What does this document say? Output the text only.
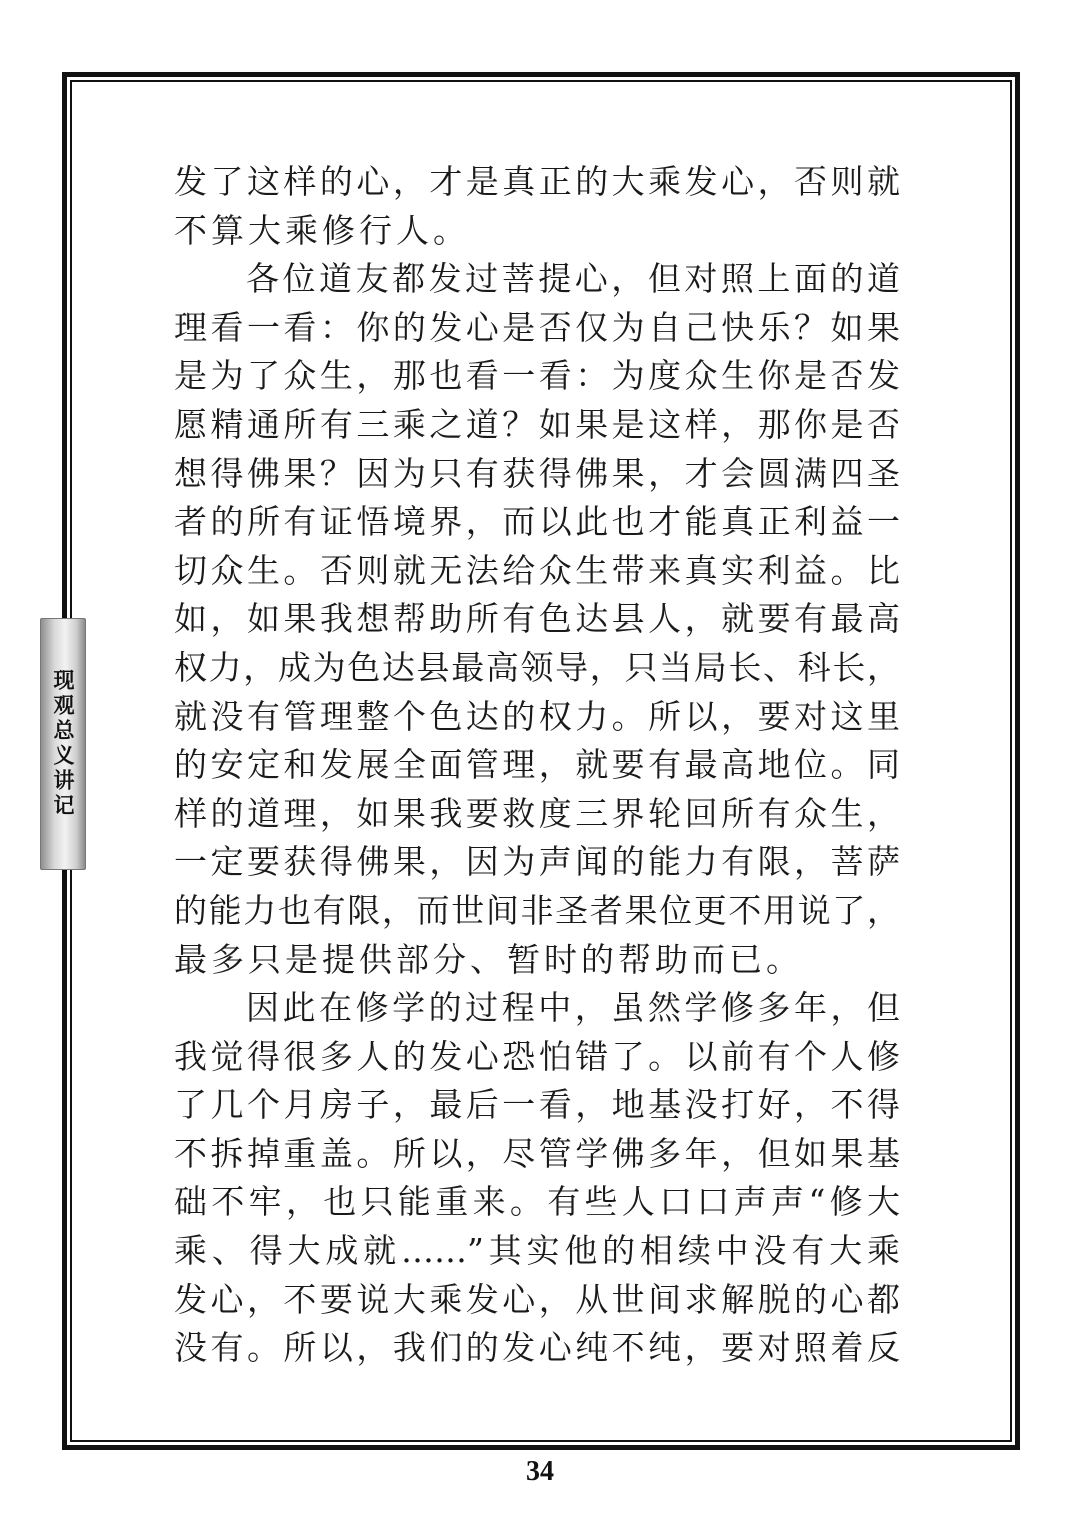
现观总义讲记
发了这样的心，才是真正的大乘发心，否则就
不算大乘修行人。
各位道友都发过菩提心，但对照上面的道
理看一看：你的发心是否仅为自己快乐？如果
是为了众生，那也看一看：为度众生你是否发
愿精通所有三乘之道？如果是这样，那你是否
想得佛果？因为只有获得佛果，才会圆满四圣
者的所有证悟境界，而以此也才能真正利益一
切众生。否则就无法给众生带来真实利益。比
如，如果我想帮助所有色达县人，就要有最高
权力，成为色达县最高领导，只当局长、科长，
就没有管理整个色达的权力。所以，要对这里
的安定和发展全面管理，就要有最高地位。同
样的道理，如果我要救度三界轮回所有众生，
一定要获得佛果，因为声闻的能力有限，菩萨
的能力也有限，而世间非圣者果位更不用说了，
最多只是提供部分、暂时的帮助而已。
因此在修学的过程中，虽然学修多年，但
我觉得很多人的发心恐怕错了。以前有个人修
了几个月房子，最后一看，地基没打好，不得
不拆掉重盖。所以，尽管学佛多年，但如果基
础不牢，也只能重来。有些人口口声声“修大
乘、得大成就……”其实他的相续中没有大乘
发心，不要说大乘发心，从世间求解脱的心都
没有。所以，我们的发心纯不纯，要对照着反
34
